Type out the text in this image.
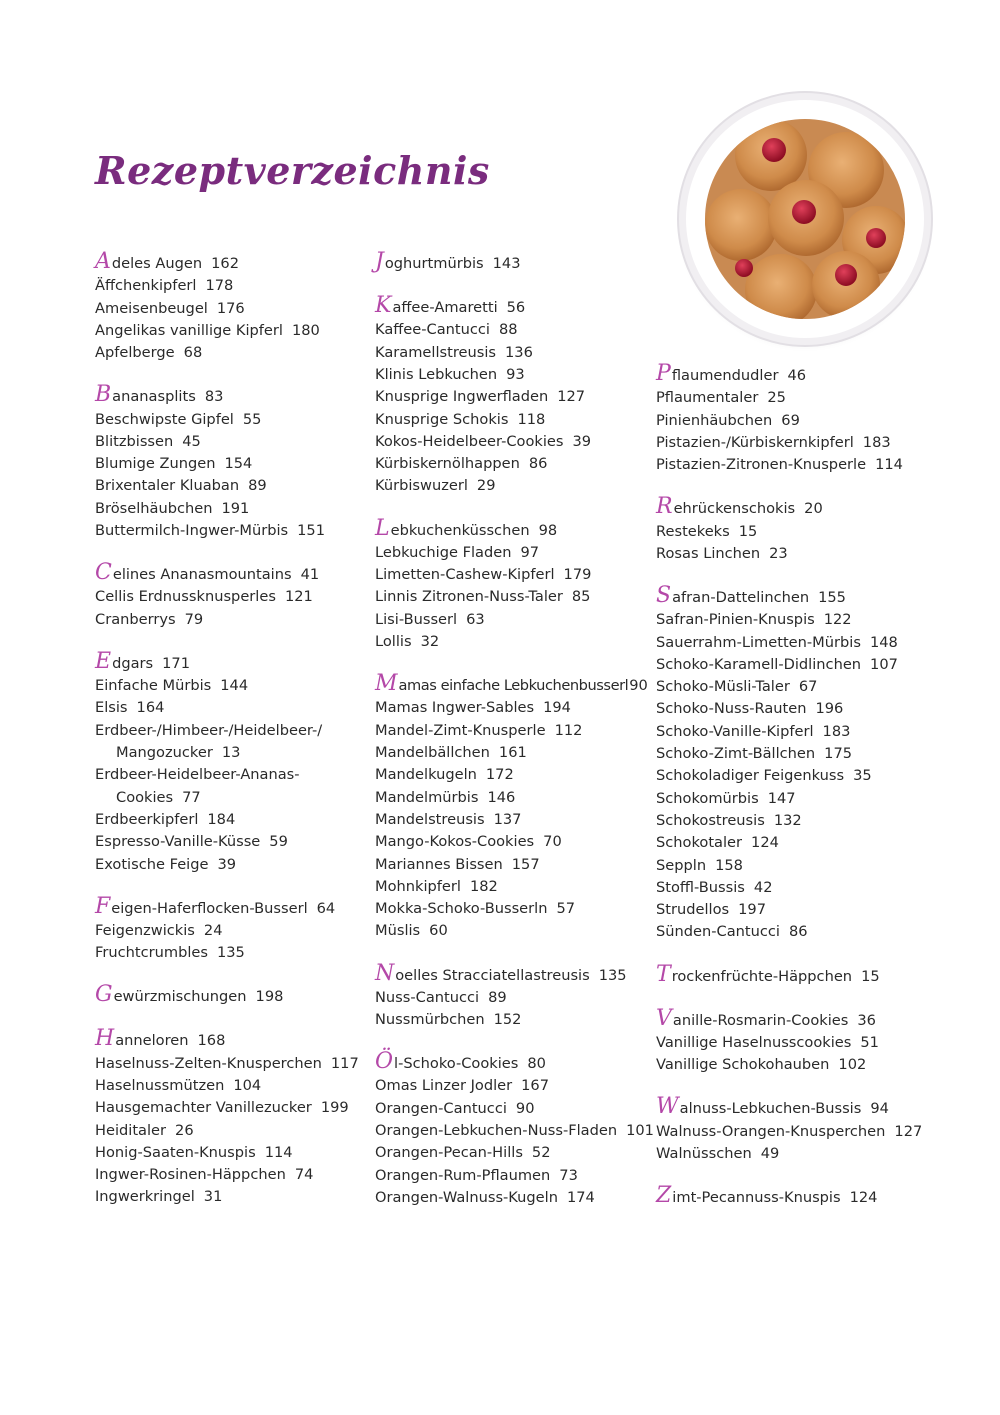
Rezeptverzeichnis
Adeles Augen 162
Äffchenkipferl 178
Ameisenbeugel 176
Angelikas vanillige Kipferl 180
Apfelberge 68
Bananasplits 83
Beschwipste Gipfel 55
Blitzbissen 45
Blumige Zungen 154
Brixentaler Kluaban 89
Bröselhäubchen 191
Buttermilch-Ingwer-Mürbis 151
Celines Ananasmountains 41
Cellis Erdnussknusperles 121
Cranberrys 79
Edgars 171
Einfache Mürbis 144
Elsis 164
Erdbeer-/Himbeer-/Heidelbeer-/
Mangozucker 13
Erdbeer-Heidelbeer-Ananas-
Cookies 77
Erdbeerkipferl 184
Espresso-Vanille-Küsse 59
Exotische Feige 39
Feigen-Haferflocken-Busserl 64
Feigenzwickis 24
Fruchtcrumbles 135
Gewürzmischungen 198
Hanneloren 168
Haselnuss-Zelten-Knusperchen 117
Haselnussmützen 104
Hausgemachter Vanillezucker 199
Heiditaler 26
Honig-Saaten-Knuspis 114
Ingwer-Rosinen-Häppchen 74
Ingwerkringel 31
Joghurtmürbis 143
Kaffee-Amaretti 56
Kaffee-Cantucci 88
Karamellstreusis 136
Klinis Lebkuchen 93
Knusprige Ingwerfladen 127
Knusprige Schokis 118
Kokos-Heidelbeer-Cookies 39
Kürbiskernölhappen 86
Kürbiswuzerl 29
Lebkuchenküsschen 98
Lebkuchige Fladen 97
Limetten-Cashew-Kipferl 179
Linnis Zitronen-Nuss-Taler 85
Lisi-Busserl 63
Lollis 32
Mamas einfache Lebkuchenbusserl90
Mamas Ingwer-Sables 194
Mandel-Zimt-Knusperle 112
Mandelbällchen 161
Mandelkugeln 172
Mandelmürbis 146
Mandelstreusis 137
Mango-Kokos-Cookies 70
Mariannes Bissen 157
Mohnkipferl 182
Mokka-Schoko-Busserln 57
Müslis 60
Noelles Stracciatellastreusis 135
Nuss-Cantucci 89
Nussmürbchen 152
Öl-Schoko-Cookies 80
Omas Linzer Jodler 167
Orangen-Cantucci 90
Orangen-Lebkuchen-Nuss-Fladen 101
Orangen-Pecan-Hills 52
Orangen-Rum-Pflaumen 73
Orangen-Walnuss-Kugeln 174
Pflaumendudler 46
Pflaumentaler 25
Pinienhäubchen 69
Pistazien-/Kürbiskernkipferl 183
Pistazien-Zitronen-Knusperle 114
Rehrückenschokis 20
Restekeks 15
Rosas Linchen 23
Safran-Dattelinchen 155
Safran-Pinien-Knuspis 122
Sauerrahm-Limetten-Mürbis 148
Schoko-Karamell-Didlinchen 107
Schoko-Müsli-Taler 67
Schoko-Nuss-Rauten 196
Schoko-Vanille-Kipferl 183
Schoko-Zimt-Bällchen 175
Schokoladiger Feigenkuss 35
Schokomürbis 147
Schokostreusis 132
Schokotaler 124
Seppln 158
Stoffl-Bussis 42
Strudellos 197
Sünden-Cantucci 86
Trockenfrüchte-Häppchen 15
Vanille-Rosmarin-Cookies 36
Vanillige Haselnusscookies 51
Vanillige Schokohauben 102
Walnuss-Lebkuchen-Bussis 94
Walnuss-Orangen-Knusperchen 127
Walnüsschen 49
Zimt-Pecannuss-Knuspis 124
